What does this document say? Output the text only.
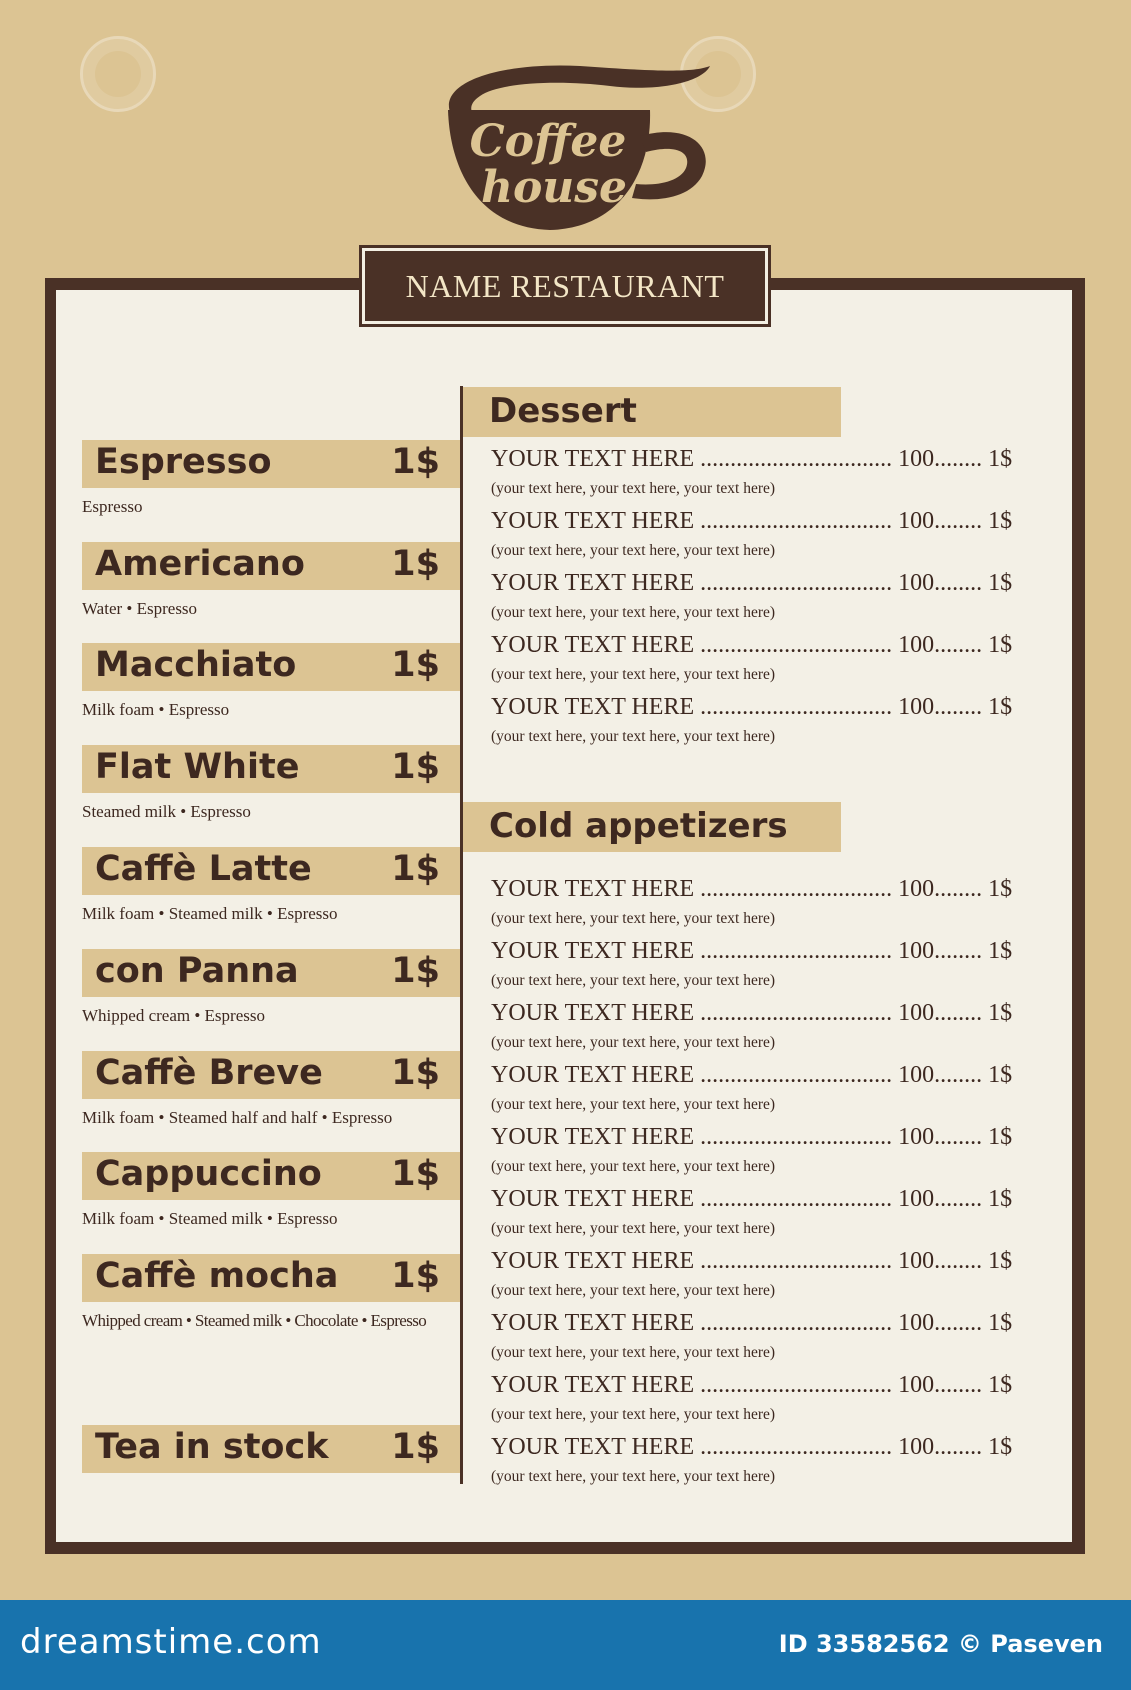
Coffee
house
NAME RESTAURANT
Espresso	1$
Espresso
Americano 1$
Water • Espresso
Macchiato	1$
Milk foam • Espresso
Flat White	1$
Steamed milk • Espresso
Caffè Latte 1$
Milk foam • Steamed milk • Espresso
con Panna	1$
Whipped cream • Espresso
Caffè Breve 1$
Milk foam • Steamed half and half • Espresso
Cappuccino 1$
Milk foam • Steamed milk • Espresso
Caffè mocha 1$
Whipped cream • Steamed milk • Chocolate • Espresso
Tea in stock 1$
Dessert
YOUR TEXT HERE ................................ 100........ 1$
(your text here, your text here, your text here)
YOUR TEXT HERE ................................ 100........ 1$
(your text here, your text here, your text here)
YOUR TEXT HERE ................................ 100........ 1$
(your text here, your text here, your text here)
YOUR TEXT HERE ................................ 100........ 1$
(your text here, your text here, your text here)
YOUR TEXT HERE ................................ 100........ 1$
(your text here, your text here, your text here)
Cold appetizers
YOUR TEXT HERE ................................ 100........ 1$
(your text here, your text here, your text here)
YOUR TEXT HERE ................................ 100........ 1$
(your text here, your text here, your text here)
YOUR TEXT HERE ................................ 100........ 1$
(your text here, your text here, your text here)
YOUR TEXT HERE ................................ 100........ 1$
(your text here, your text here, your text here)
YOUR TEXT HERE ................................ 100........ 1$
(your text here, your text here, your text here)
YOUR TEXT HERE ................................ 100........ 1$
(your text here, your text here, your text here)
YOUR TEXT HERE ................................ 100........ 1$
(your text here, your text here, your text here)
YOUR TEXT HERE ................................ 100........ 1$
(your text here, your text here, your text here)
YOUR TEXT HERE ................................ 100........ 1$
(your text here, your text here, your text here)
YOUR TEXT HERE ................................ 100........ 1$
(your text here, your text here, your text here)
dreamstime.com	ID 33582562 © Paseven
